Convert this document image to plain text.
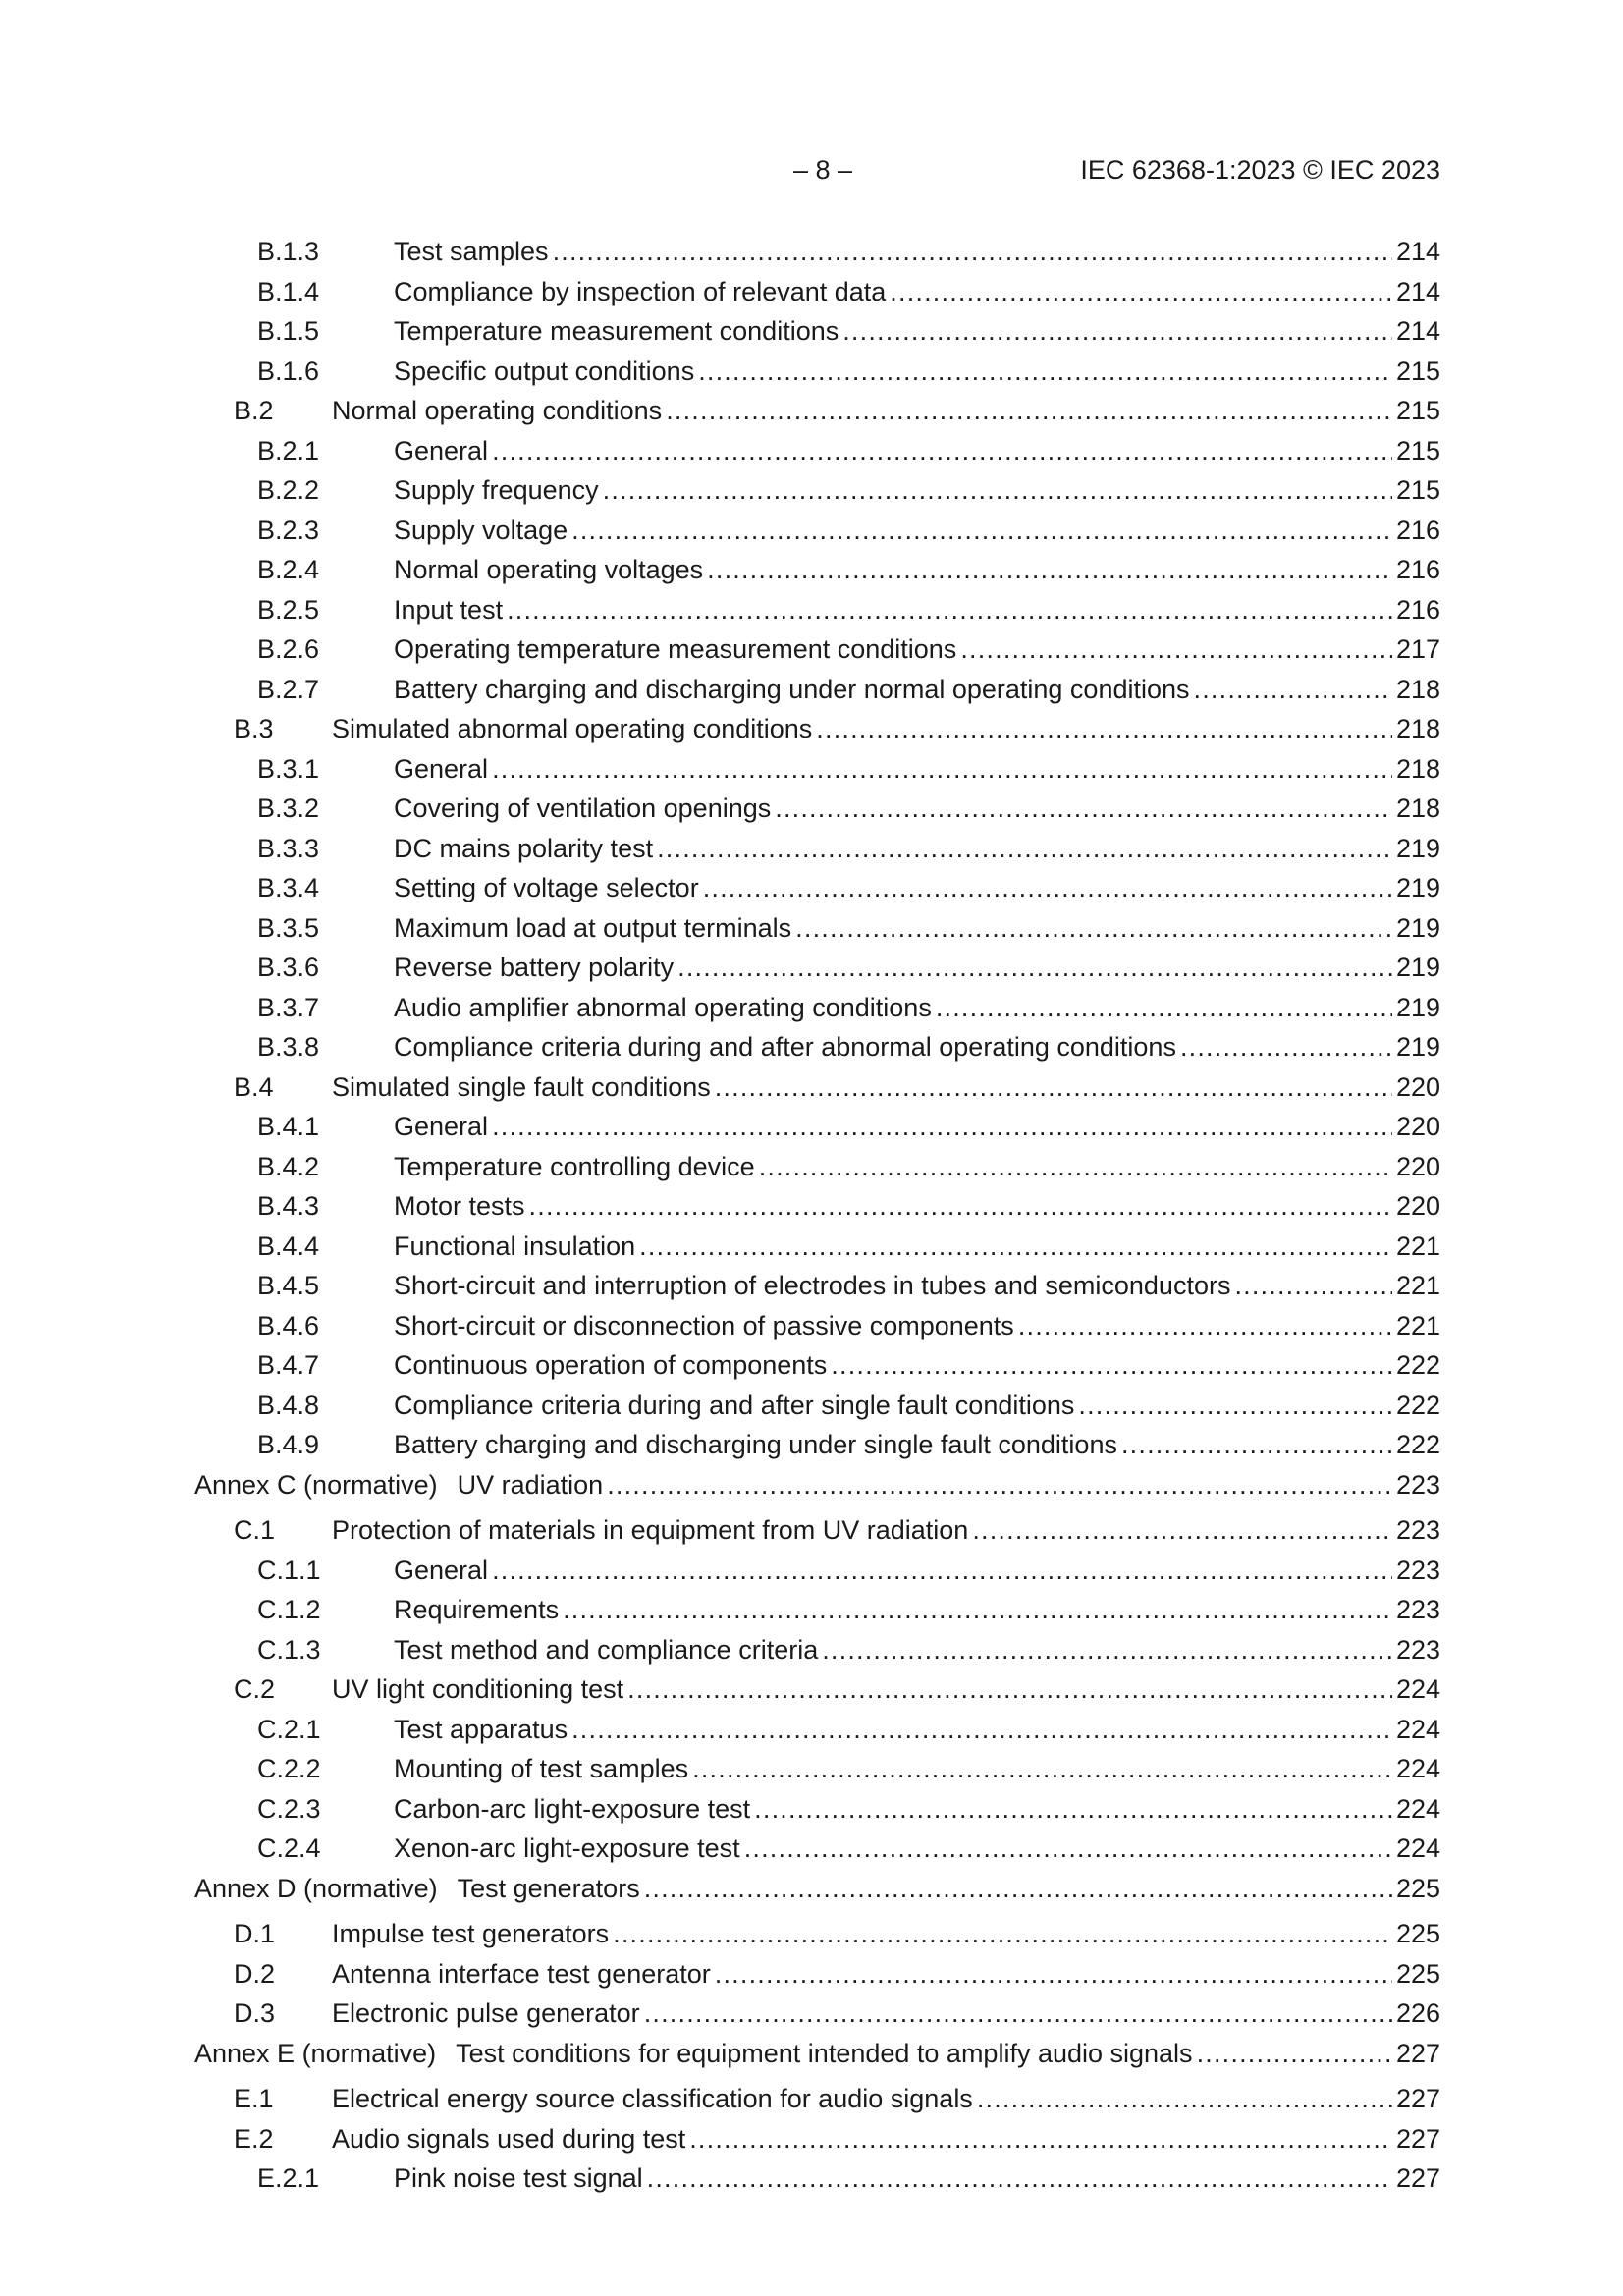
– 8 –	IEC 62368-1:2023 © IEC 2023
B.1.3	Test samples .....	214
B.1.4	Compliance by inspection of relevant data .....	214
B.1.5	Temperature measurement conditions .....	214
B.1.6	Specific output conditions .....	215
B.2	Normal operating conditions .....	215
B.2.1	General .....	215
B.2.2	Supply frequency .....	215
B.2.3	Supply voltage .....	216
B.2.4	Normal operating voltages .....	216
B.2.5	Input test .....	216
B.2.6	Operating temperature measurement conditions .....	217
B.2.7	Battery charging and discharging under normal operating conditions .....	218
B.3	Simulated abnormal operating conditions .....	218
B.3.1	General .....	218
B.3.2	Covering of ventilation openings .....	218
B.3.3	DC mains polarity test .....	219
B.3.4	Setting of voltage selector .....	219
B.3.5	Maximum load at output terminals .....	219
B.3.6	Reverse battery polarity .....	219
B.3.7	Audio amplifier abnormal operating conditions .....	219
B.3.8	Compliance criteria during and after abnormal operating conditions .....	219
B.4	Simulated single fault conditions .....	220
B.4.1	General .....	220
B.4.2	Temperature controlling device .....	220
B.4.3	Motor tests .....	220
B.4.4	Functional insulation .....	221
B.4.5	Short-circuit and interruption of electrodes in tubes and semiconductors .....	221
B.4.6	Short-circuit or disconnection of passive components .....	221
B.4.7	Continuous operation of components .....	222
B.4.8	Compliance criteria during and after single fault conditions .....	222
B.4.9	Battery charging and discharging under single fault conditions .....	222
Annex C (normative) UV radiation .....	223
C.1	Protection of materials in equipment from UV radiation .....	223
C.1.1	General .....	223
C.1.2	Requirements .....	223
C.1.3	Test method and compliance criteria .....	223
C.2	UV light conditioning test .....	224
C.2.1	Test apparatus .....	224
C.2.2	Mounting of test samples .....	224
C.2.3	Carbon-arc light-exposure test .....	224
C.2.4	Xenon-arc light-exposure test .....	224
Annex D (normative) Test generators .....	225
D.1	Impulse test generators .....	225
D.2	Antenna interface test generator .....	225
D.3	Electronic pulse generator .....	226
Annex E (normative) Test conditions for equipment intended to amplify audio signals .....	227
E.1	Electrical energy source classification for audio signals .....	227
E.2	Audio signals used during test .....	227
E.2.1	Pink noise test signal .....	227
